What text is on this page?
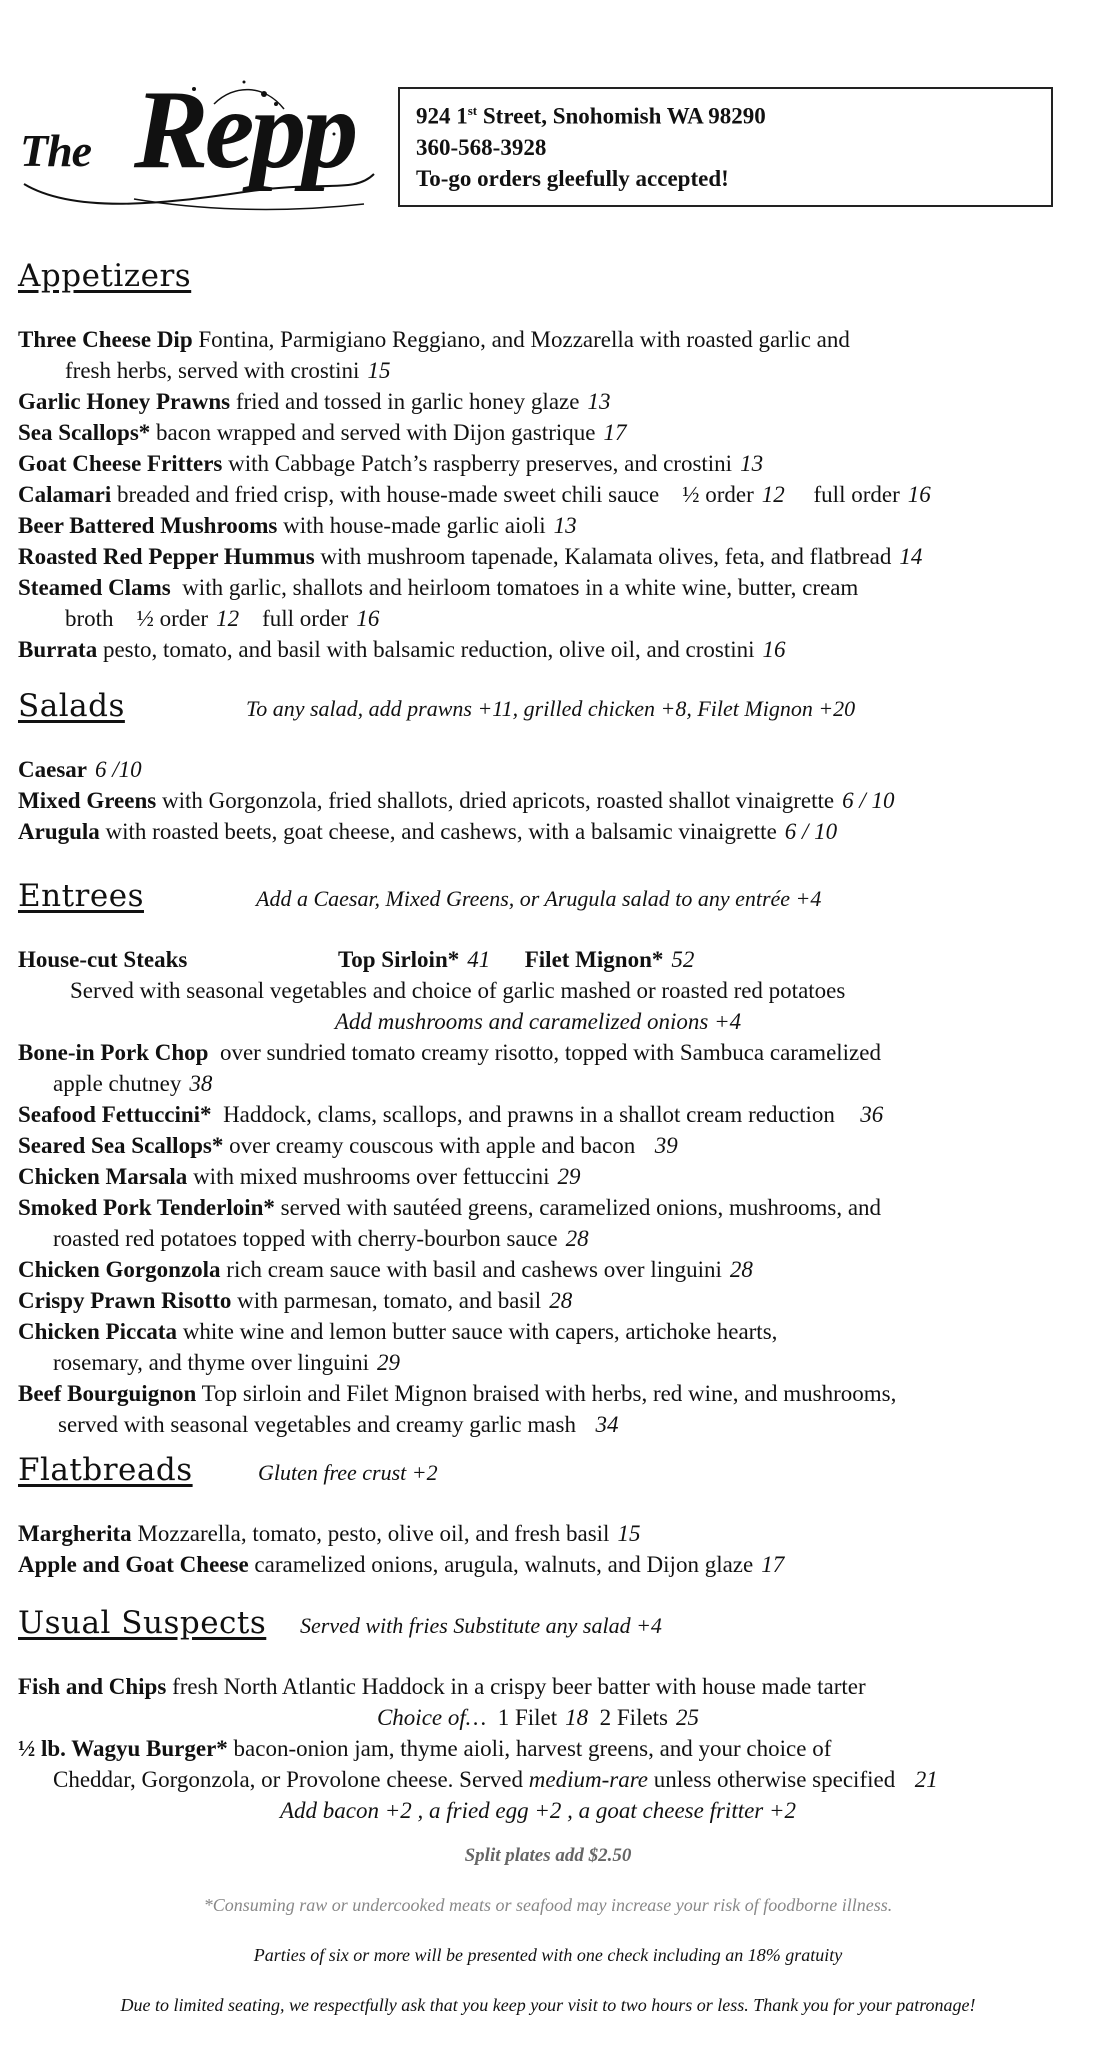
The Repp	924 1st Street, Snohomish WA 98290
360-568-3928
To-go orders gleefully accepted!
Appetizers
Three Cheese Dip Fontina, Parmigiano Reggiano, and Mozzarella with roasted garlic and
fresh herbs, served with crostini 15
Garlic Honey Prawns fried and tossed in garlic honey glaze 13
Sea Scallops* bacon wrapped and served with Dijon gastrique 17
Goat Cheese Fritters with Cabbage Patch’s raspberry preserves, and crostini 13
Calamari breaded and fried crisp, with house-made sweet chili sauce ½ order 12 full order 16
Beer Battered Mushrooms with house-made garlic aioli 13
Roasted Red Pepper Hummus with mushroom tapenade, Kalamata olives, feta, and flatbread 14
Steamed Clams with garlic, shallots and heirloom tomatoes in a white wine, butter, cream
broth ½ order 12 full order 16
Burrata pesto, tomato, and basil with balsamic reduction, olive oil, and crostini 16
Salads	To any salad, add prawns +11, grilled chicken +8, Filet Mignon +20
Caesar 6 /10
Mixed Greens with Gorgonzola, fried shallots, dried apricots, roasted shallot vinaigrette 6 / 10
Arugula with roasted beets, goat cheese, and cashews, with a balsamic vinaigrette 6 / 10
Entrees	Add a Caesar, Mixed Greens, or Arugula salad to any entrée +4
House-cut Steaks	Top Sirloin* 41 Filet Mignon* 52
Served with seasonal vegetables and choice of garlic mashed or roasted red potatoes
Add mushrooms and caramelized onions +4
Bone-in Pork Chop over sundried tomato creamy risotto, topped with Sambuca caramelized
apple chutney 38
Seafood Fettuccini* Haddock, clams, scallops, and prawns in a shallot cream reduction 36
Seared Sea Scallops* over creamy couscous with apple and bacon 39
Chicken Marsala with mixed mushrooms over fettuccini 29
Smoked Pork Tenderloin* served with sautéed greens, caramelized onions, mushrooms, and
roasted red potatoes topped with cherry-bourbon sauce 28
Chicken Gorgonzola rich cream sauce with basil and cashews over linguini 28
Crispy Prawn Risotto with parmesan, tomato, and basil 28
Chicken Piccata white wine and lemon butter sauce with capers, artichoke hearts,
rosemary, and thyme over linguini 29
Beef Bourguignon Top sirloin and Filet Mignon braised with herbs, red wine, and mushrooms,
served with seasonal vegetables and creamy garlic mash 34
Flatbreads	Gluten free crust +2
Margherita Mozzarella, tomato, pesto, olive oil, and fresh basil 15
Apple and Goat Cheese caramelized onions, arugula, walnuts, and Dijon glaze 17
Usual Suspects Served with fries Substitute any salad +4
Fish and Chips fresh North Atlantic Haddock in a crispy beer batter with house made tarter
Choice of… 1 Filet 18 2 Filets 25
½ lb. Wagyu Burger* bacon-onion jam, thyme aioli, harvest greens, and your choice of
Cheddar, Gorgonzola, or Provolone cheese. Served medium-rare unless otherwise specified 21
Add bacon +2 , a fried egg +2 , a goat cheese fritter +2
Split plates add $2.50
*Consuming raw or undercooked meats or seafood may increase your risk of foodborne illness.
Parties of six or more will be presented with one check including an 18% gratuity
Due to limited seating, we respectfully ask that you keep your visit to two hours or less. Thank you for your patronage!
